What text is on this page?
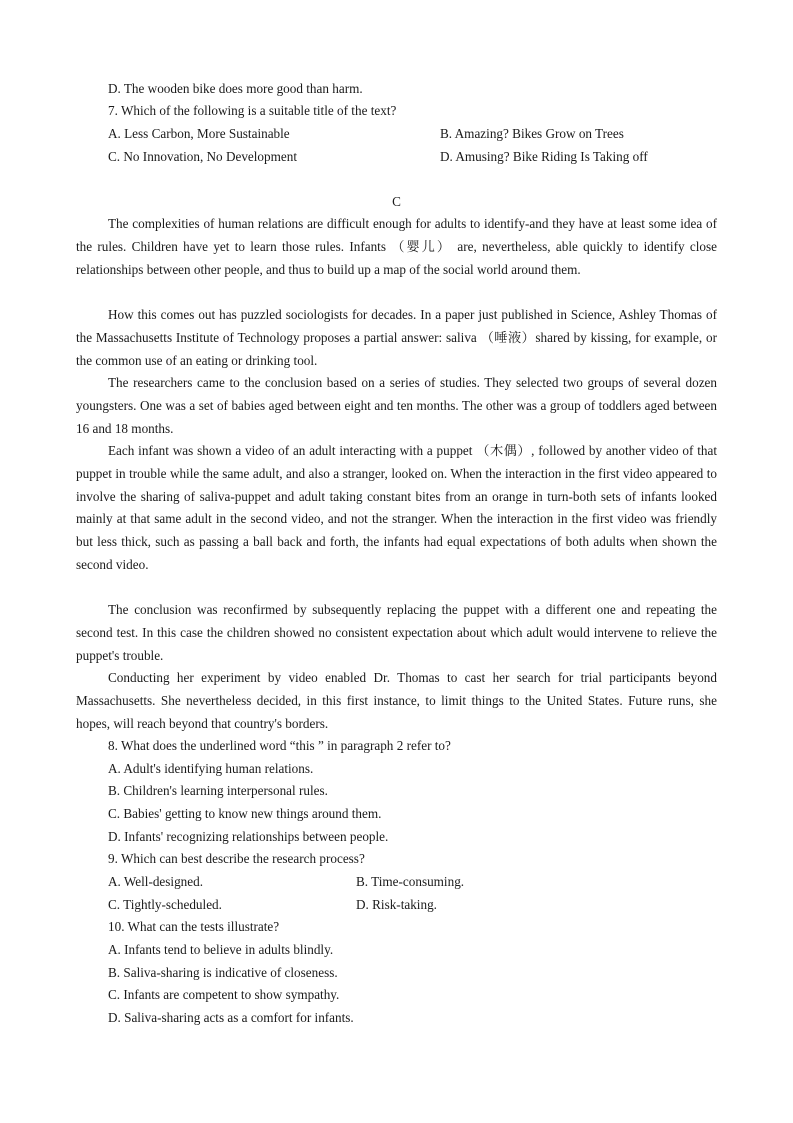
D. The wooden bike does more good than harm.
7. Which of the following is a suitable title of the text?
A. Less Carbon, More Sustainable	B. Amazing? Bikes Grow on Trees
C. No Innovation, No Development	D. Amusing? Bike Riding Is Taking off
C

The complexities of human relations are difficult enough for adults to identify-and they have at least some idea of the rules. Children have yet to learn those rules. Infants （婴儿） are, nevertheless, able quickly to identify close relationships between other people, and thus to build up a map of the social world around them.

How this comes out has puzzled sociologists for decades. In a paper just published in Science, Ashley Thomas of the Massachusetts Institute of Technology proposes a partial answer: saliva （唾液）shared by kissing, for example, or the common use of an eating or drinking tool.

The researchers came to the conclusion based on a series of studies. They selected two groups of several dozen youngsters. One was a set of babies aged between eight and ten months. The other was a group of toddlers aged between 16 and 18 months.

Each infant was shown a video of an adult interacting with a puppet （木偶）, followed by another video of that puppet in trouble while the same adult, and also a stranger, looked on. When the interaction in the first video appeared to involve the sharing of saliva-puppet and adult taking constant bites from an orange in turn-both sets of infants looked mainly at that same adult in the second video, and not the stranger. When the interaction in the first video was friendly but less thick, such as passing a ball back and forth, the infants had equal expectations of both adults when shown the second video.

The conclusion was reconfirmed by subsequently replacing the puppet with a different one and repeating the second test. In this case the children showed no consistent expectation about which adult would intervene to relieve the puppet's trouble.

Conducting her experiment by video enabled Dr. Thomas to cast her search for trial participants beyond Massachusetts. She nevertheless decided, in this first instance, to limit things to the United States. Future runs, she hopes, will reach beyond that country's borders.

8. What does the underlined word “this ” in paragraph 2 refer to?
A. Adult's identifying human relations.
B. Children's learning interpersonal rules.
C. Babies' getting to know new things around them.
D. Infants' recognizing relationships between people.
9. Which can best describe the research process?
A. Well-designed.	B. Time-consuming.
C. Tightly-scheduled.	D. Risk-taking.
10. What can the tests illustrate?
A. Infants tend to believe in adults blindly.
B. Saliva-sharing is indicative of closeness.
C. Infants are competent to show sympathy.
D. Saliva-sharing acts as a comfort for infants.
